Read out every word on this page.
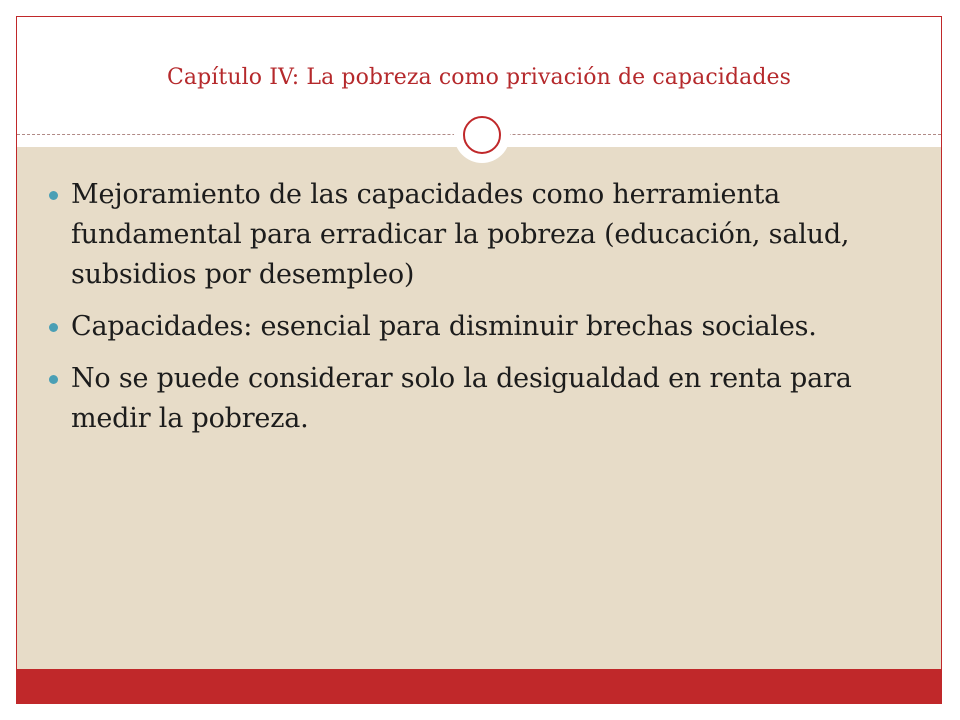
Capítulo IV: La pobreza como privación de capacidades
Mejoramiento de las capacidades como herramienta fundamental para erradicar la pobreza (educación, salud, subsidios por desempleo)
Capacidades: esencial para disminuir brechas sociales.
No se puede considerar solo la desigualdad en renta para medir la pobreza.
